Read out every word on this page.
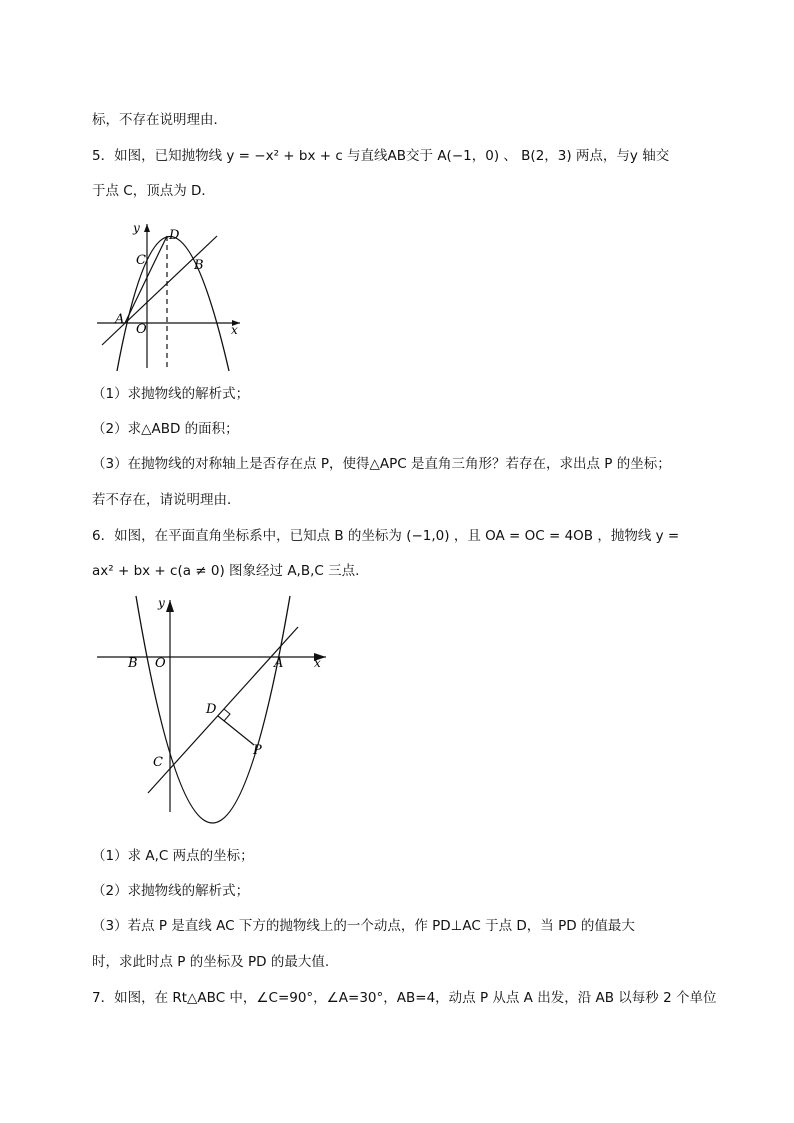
标，不存在说明理由．
5．如图，已知抛物线 y = −x² + bx + c 与直线AB交于 A(−1，0) 、 B(2，3) 两点，与y 轴交
于点 C，顶点为 D．
y
x
D
C	B
A
O
（1）求抛物线的解析式；
（2）求△ABD 的面积；
（3）在抛物线的对称轴上是否存在点 P，使得△APC 是直角三角形？若存在，求出点 P 的坐标；
若不存在，请说明理由．
6．如图，在平面直角坐标系中，已知点 B 的坐标为 (−1,0) ，且 OA = OC = 4OB ，抛物线 y =
ax² + bx + c(a ≠ 0) 图象经过 A,B,C 三点.
y
x
B O	A
D
C
P
（1）求 A,C 两点的坐标；
（2）求抛物线的解析式；
（3）若点 P 是直线 AC 下方的抛物线上的一个动点，作 PD⊥AC 于点 D，当 PD 的值最大
时，求此时点 P 的坐标及 PD 的最大值.
7．如图，在 Rt△ABC 中，∠C=90°，∠A=30°，AB=4，动点 P 从点 A 出发，沿 AB 以每秒 2 个单位
